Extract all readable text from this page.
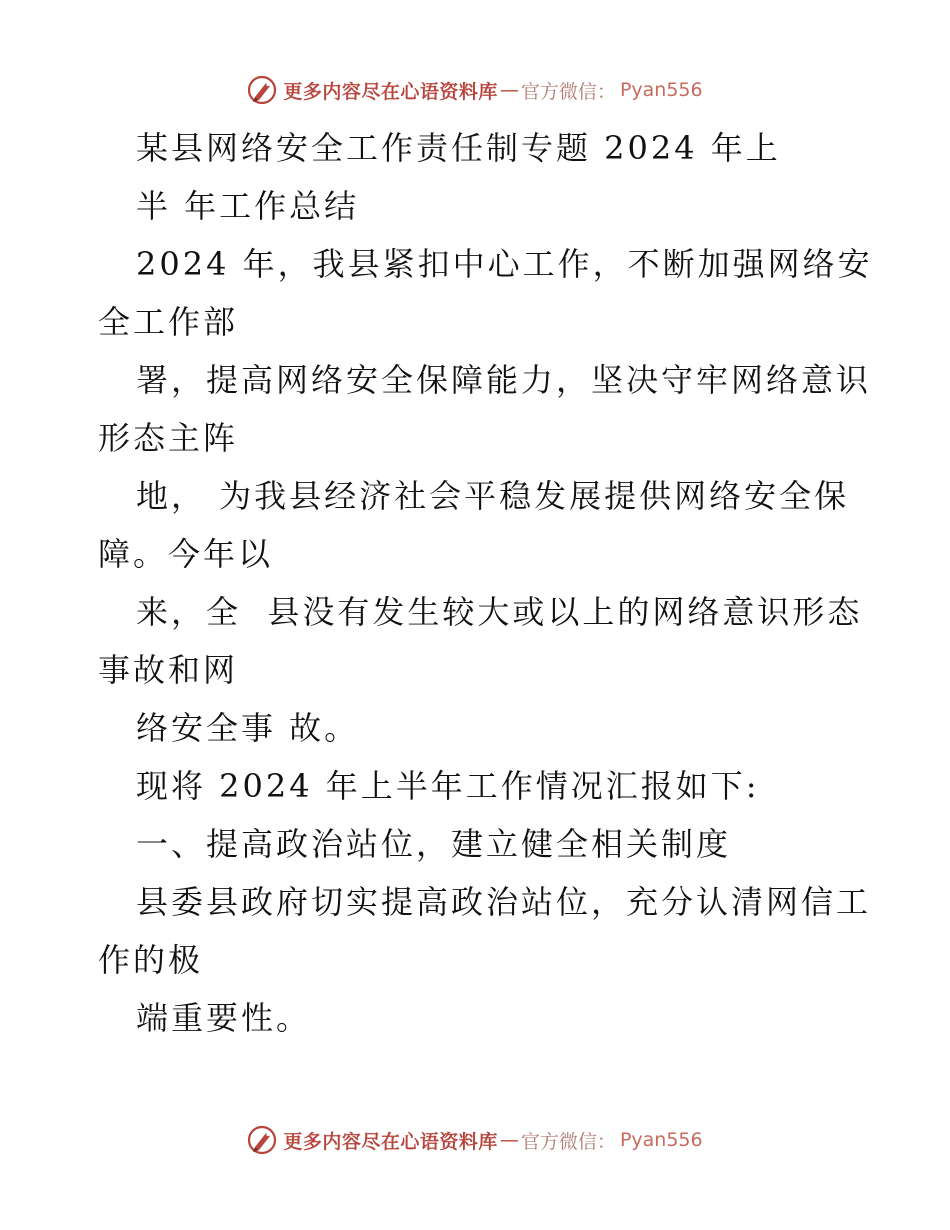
更多内容尽在心语资料库 — 官方微信： Pyan556
某县网络安全工作责任制专题 2024 年上
半 年工作总结
2024 年，我县紧扣中心工作，不断加强网络安
全工作部
署，提高网络安全保障能力，坚决守牢网络意识
形态主阵
地， 为我县经济社会平稳发展提供网络安全保
障。今年以
来，全  县没有发生较大或以上的网络意识形态
事故和网
络安全事 故。
现将 2024 年上半年工作情况汇报如下:
一、提高政治站位，建立健全相关制度
县委县政府切实提高政治站位，充分认清网信工
作的极
端重要性。
更多内容尽在心语资料库 — 官方微信： Pyan556
